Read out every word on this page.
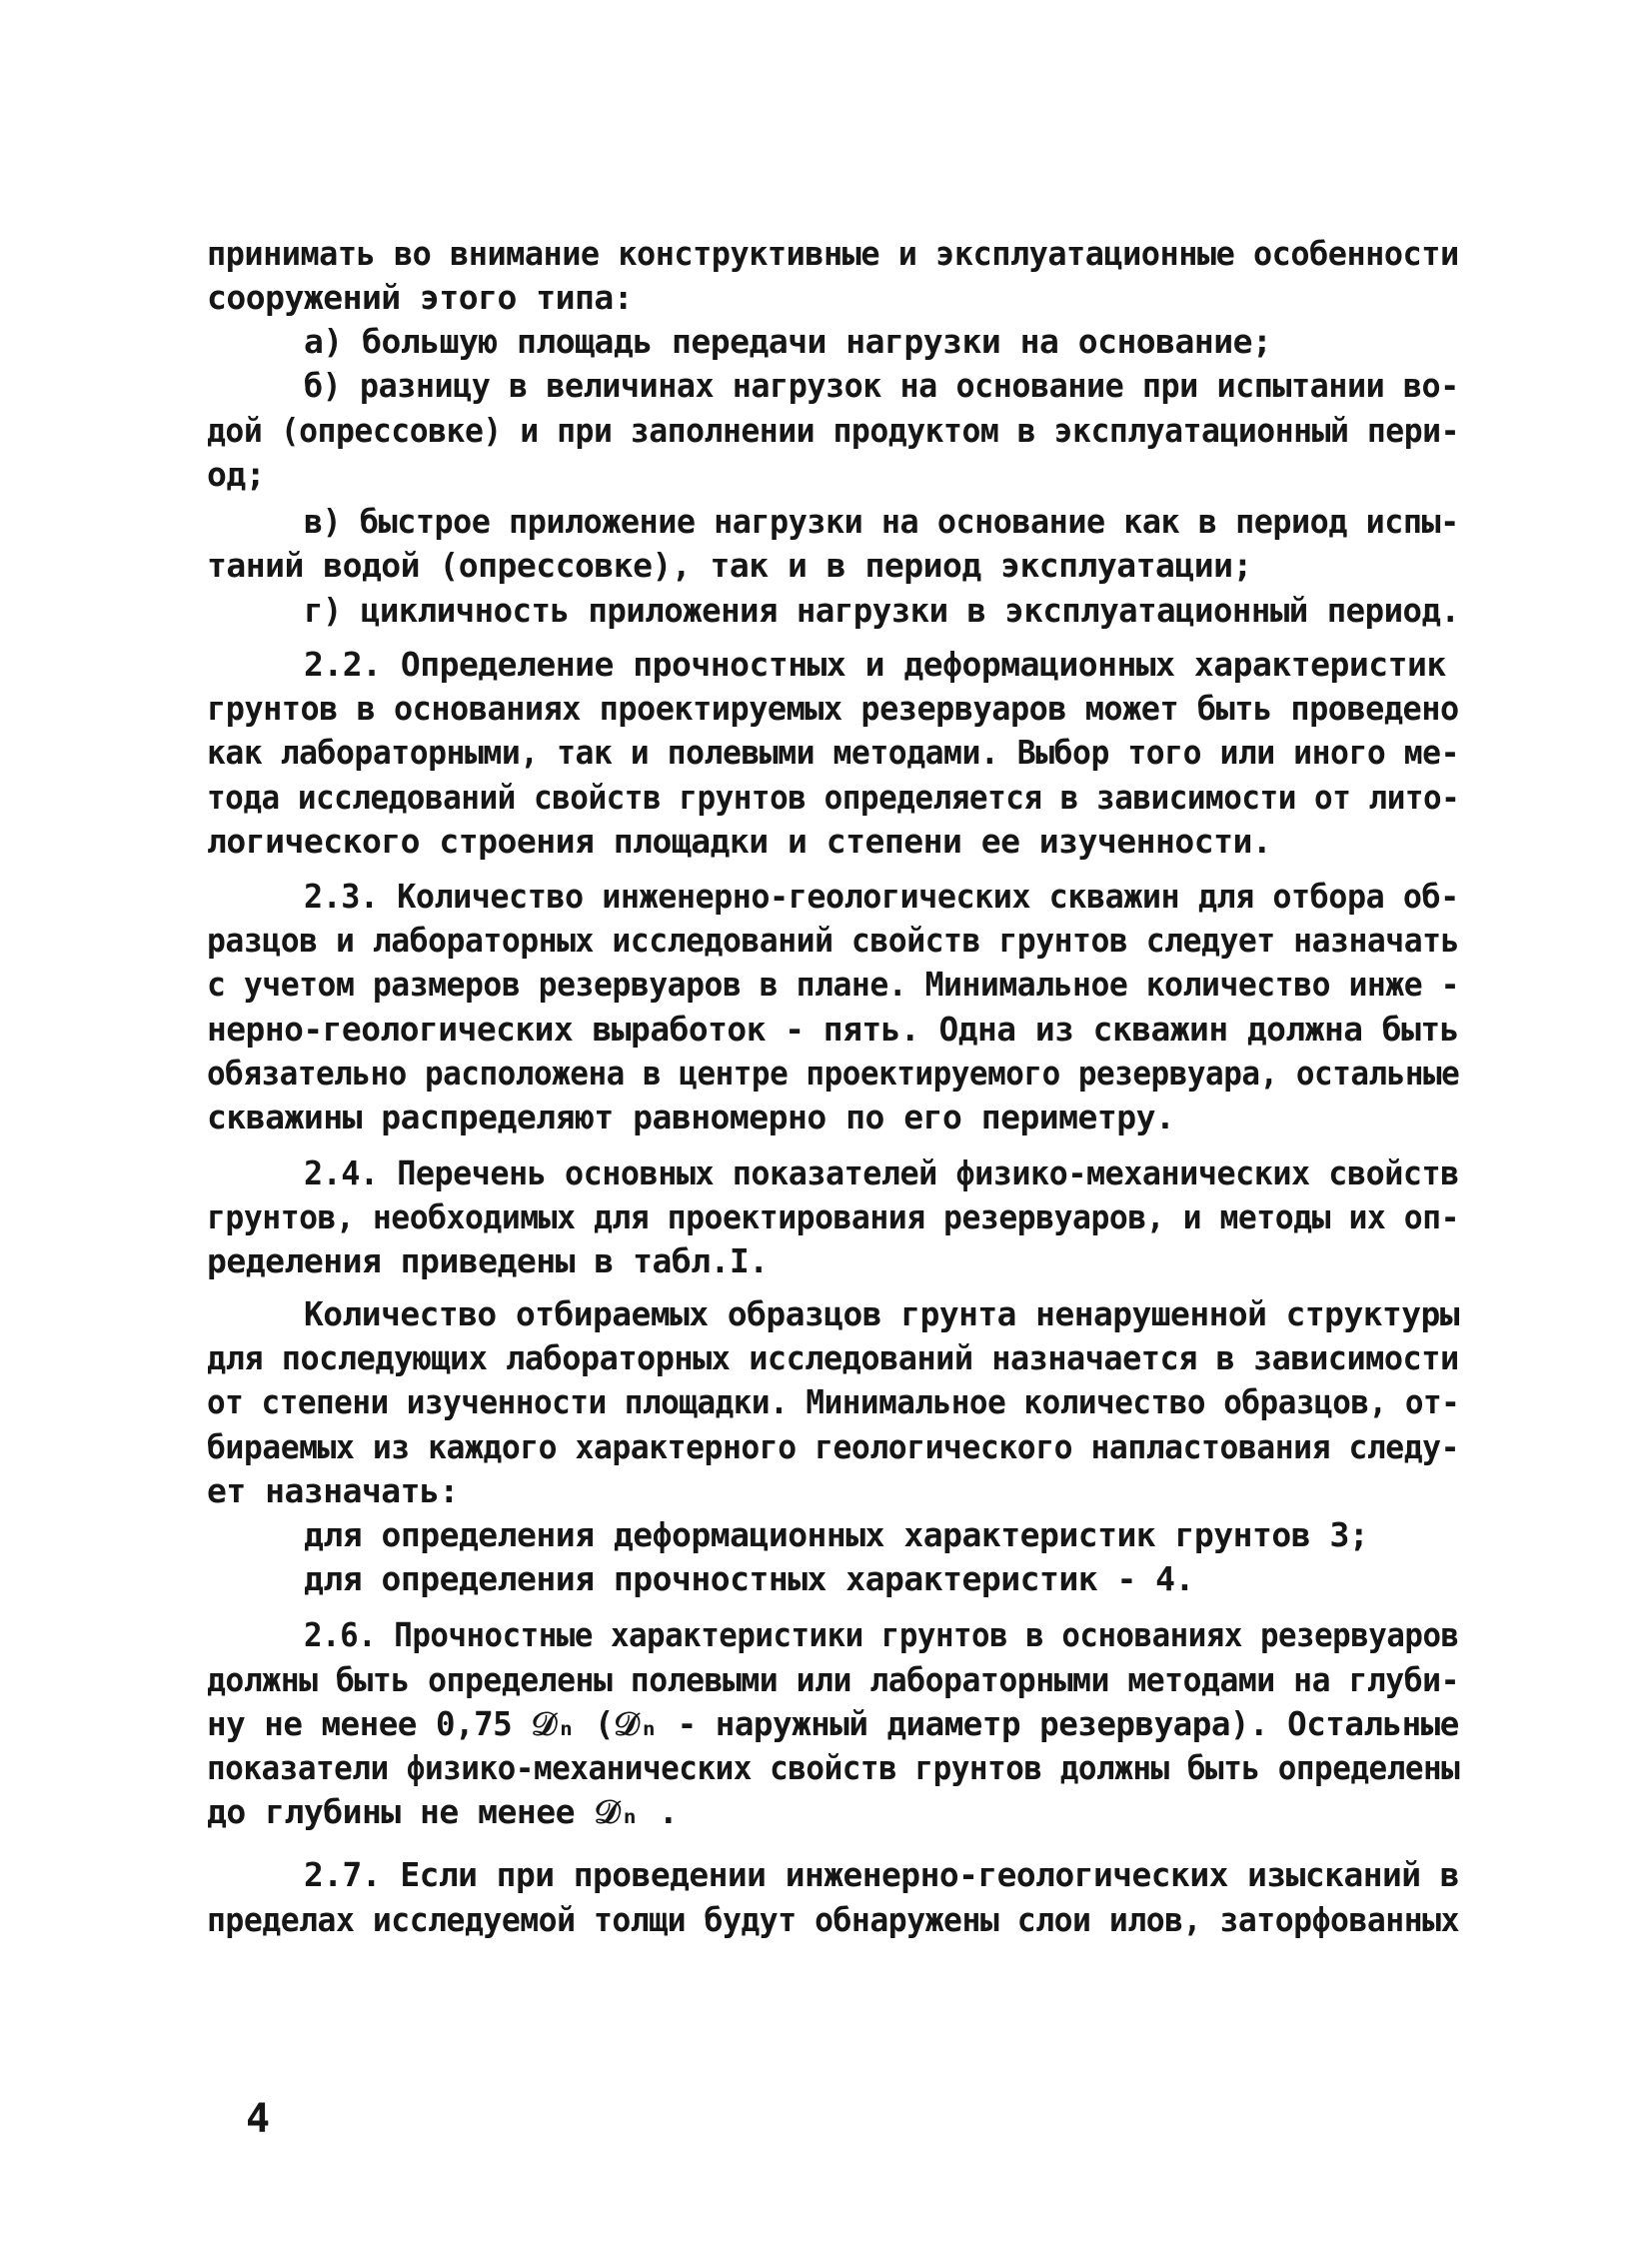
принимать во внимание конструктивные и эксплуатационные особенности
сооружений этого типа:
а) большую площадь передачи нагрузки на основание;
б) разницу в величинах нагрузок на основание при испытании во-
дой (опрессовке) и при заполнении продуктом в эксплуатационный пери-
од;
в) быстрое приложение нагрузки на основание как в период испы-
таний водой (опрессовке), так и в период эксплуатации;
г) цикличность приложения нагрузки в эксплуатационный период.
2.2. Определение прочностных и деформационных характеристик
грунтов в основаниях проектируемых резервуаров может быть проведено
как лабораторными, так и полевыми методами. Выбор того или иного ме-
тода исследований свойств грунтов определяется в зависимости от лито-
логического строения площадки и степени ее изученности.
2.3. Количество инженерно-геологических скважин для отбора об-
разцов и лабораторных исследований свойств грунтов следует назначать
с учетом размеров резервуаров в плане. Минимальное количество инже -
нерно-геологических выработок - пять. Одна из скважин должна быть
обязательно расположена в центре проектируемого резервуара, остальные
скважины распределяют равномерно по его периметру.
2.4. Перечень основных показателей физико-механических свойств
грунтов, необходимых для проектирования резервуаров, и методы их оп-
ределения приведены в табл.I.
Количество отбираемых образцов грунта ненарушенной структуры
для последующих лабораторных исследований назначается в зависимости
от степени изученности площадки. Минимальное количество образцов, от-
бираемых из каждого характерного геологического напластования следу-
ет назначать:
для определения деформационных характеристик грунтов 3;
для определения прочностных характеристик - 4.
2.6. Прочностные характеристики грунтов в основаниях резервуаров
должны быть определены полевыми или лабораторными методами на глуби-
ну не менее 0,75 𝒟ₙ (𝒟ₙ - наружный диаметр резервуара). Остальные
показатели физико-механических свойств грунтов должны быть определены
до глубины не менее 𝒟ₙ .
2.7. Если при проведении инженерно-геологических изысканий в
пределах исследуемой толщи будут обнаружены слои илов, заторфованных
4
